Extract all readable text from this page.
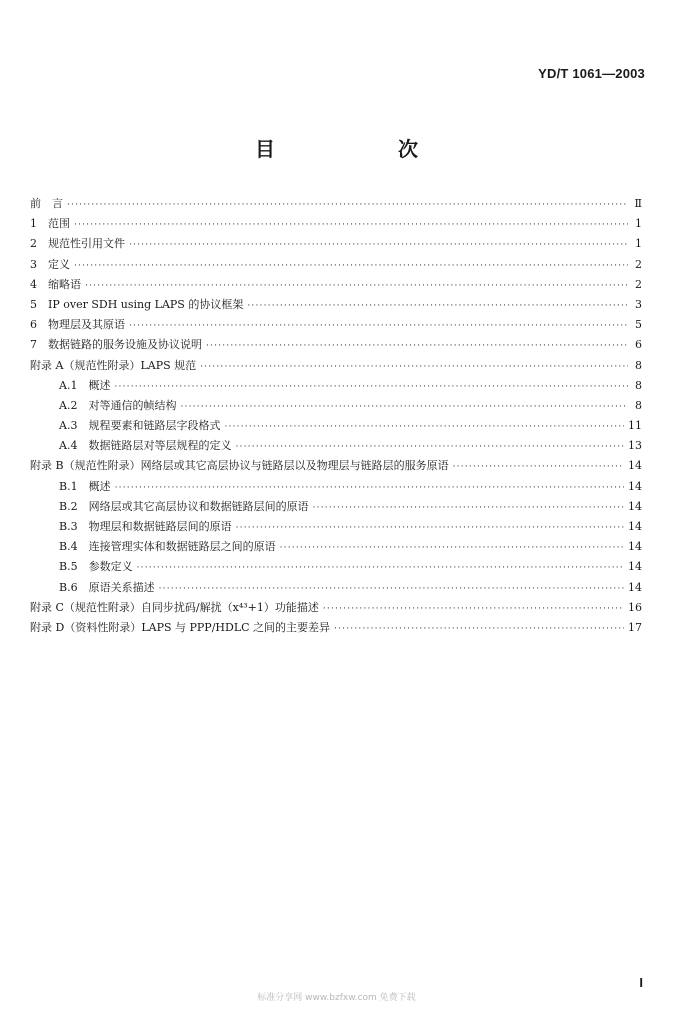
YD/T 1061—2003
目 次
前　言 ·····	Ⅱ
1　范围 ·····	1
2　规范性引用文件 ·····	1
3　定义 ·····	2
4　缩略语 ·····	2
5　IP over SDH using LAPS 的协议框架 ·····	3
6　物理层及其原语 ·····	5
7　数据链路的服务设施及协议说明 ·····	6
附录 A（规范性附录）LAPS 规范 ·····	8
A.1　概述 ·····	8
A.2　对等通信的帧结构 ·····	8
A.3　规程要素和链路层字段格式 ·····	11
A.4　数据链路层对等层规程的定义 ·····	13
附录 B（规范性附录）网络层或其它高层协议与链路层以及物理层与链路层的服务原语 ·····	14
B.1　概述 ·····	14
B.2　网络层或其它高层协议和数据链路层间的原语 ·····	14
B.3　物理层和数据链路层间的原语 ·····	14
B.4　连接管理实体和数据链路层之间的原语 ·····	14
B.5　参数定义 ·····	14
B.6　原语关系描述 ·····	14
附录 C（规范性附录）自同步扰码/解扰（x⁴³+1）功能描述 ·····	16
附录 D（资料性附录）LAPS 与 PPP/HDLC 之间的主要差异 ·····	17
I
标准分享网 www.bzfxw.com 免费下载
